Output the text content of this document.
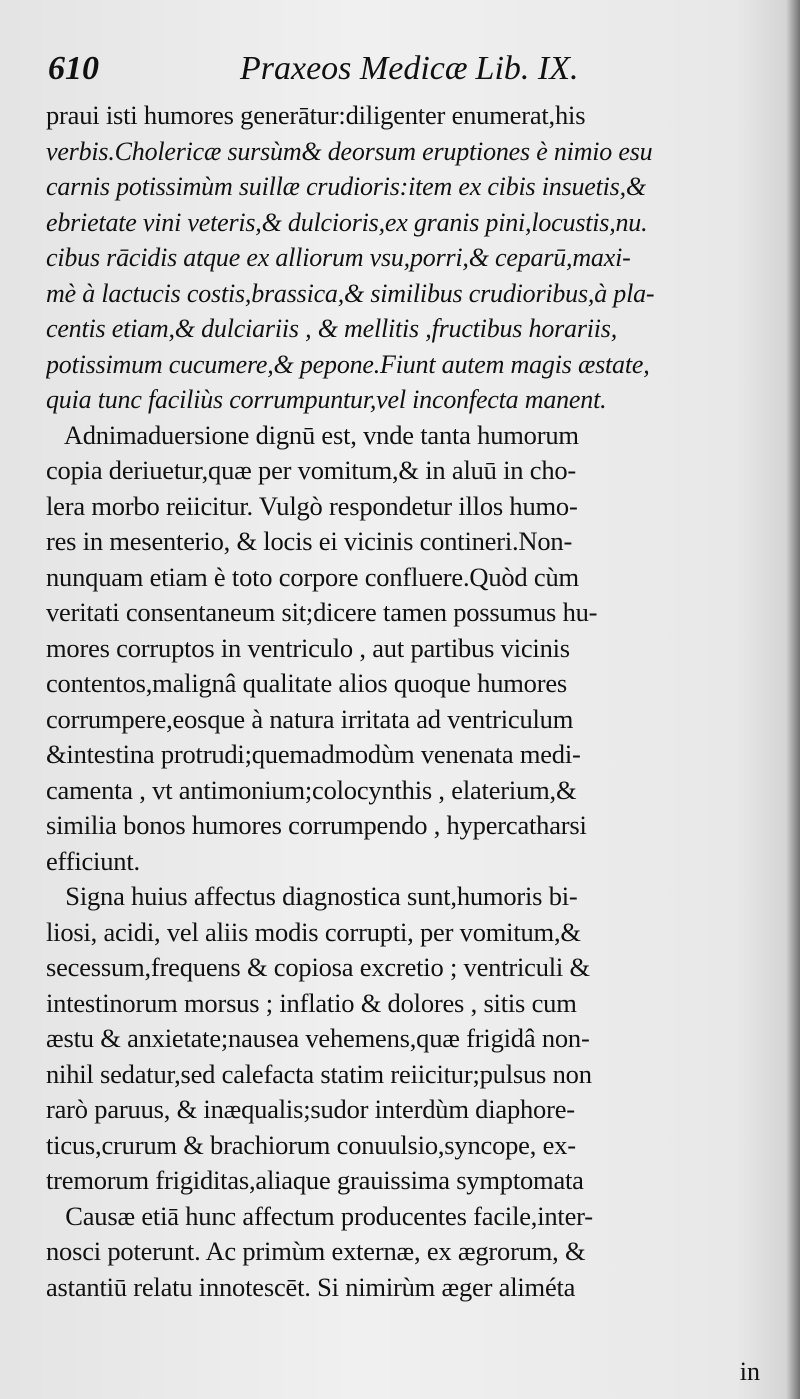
610	Praxeos Medicæ Lib. IX.
praui isti humores generātur:diligenter enumerat,his
verbis.Cholericæ sursùm& deorsum eruptiones è nimio esu
carnis potissimùm suillæ crudioris:item ex cibis insuetis,&
ebrietate vini veteris,& dulcioris,ex granis pini,locustis,nu.
cibus rācidis atque ex alliorum vsu,porri,& ceparū,maxi-
mè à lactucis costis,brassica,& similibus crudioribus,à pla-
centis etiam,& dulciariis , & mellitis ,fructibus horariis,
potissimum cucumere,& pepone.Fiunt autem magis æstate,
quia tunc faciliùs corrumpuntur,vel inconfecta manent.
Adnimaduersione dignū est, vnde tanta humorum
copia deriuetur,quæ per vomitum,& in aluū in cho-
lera morbo reiicitur. Vulgò respondetur illos humo-
res in mesenterio, & locis ei vicinis contineri.Non-
nunquam etiam è toto corpore confluere.Quòd cùm
veritati consentaneum sit;dicere tamen possumus hu-
mores corruptos in ventriculo , aut partibus vicinis
contentos,malignâ qualitate alios quoque humores
corrumpere,eosque à natura irritata ad ventriculum
&intestina protrudi;quemadmodùm venenata medi-
camenta , vt antimonium;colocynthis , elaterium,&
similia bonos humores corrumpendo , hypercatharsi
efficiunt.
Signa huius affectus diagnostica sunt,humoris bi-
liosi, acidi, vel aliis modis corrupti, per vomitum,&
secessum,frequens & copiosa excretio ; ventriculi &
intestinorum morsus ; inflatio & dolores , sitis cum
æstu & anxietate;nausea vehemens,quæ frigidâ non-
nihil sedatur,sed calefacta statim reiicitur;pulsus non
rarò paruus, & inæqualis;sudor interdùm diaphore-
ticus,crurum & brachiorum conuulsio,syncope, ex-
tremorum frigiditas,aliaque grauissima symptomata
Causæ etiā hunc affectum producentes facile,inter-
nosci poterunt. Ac primùm externæ, ex ægrorum, &
astantiū relatu innotescēt. Si nimirùm æger aliméta
in
